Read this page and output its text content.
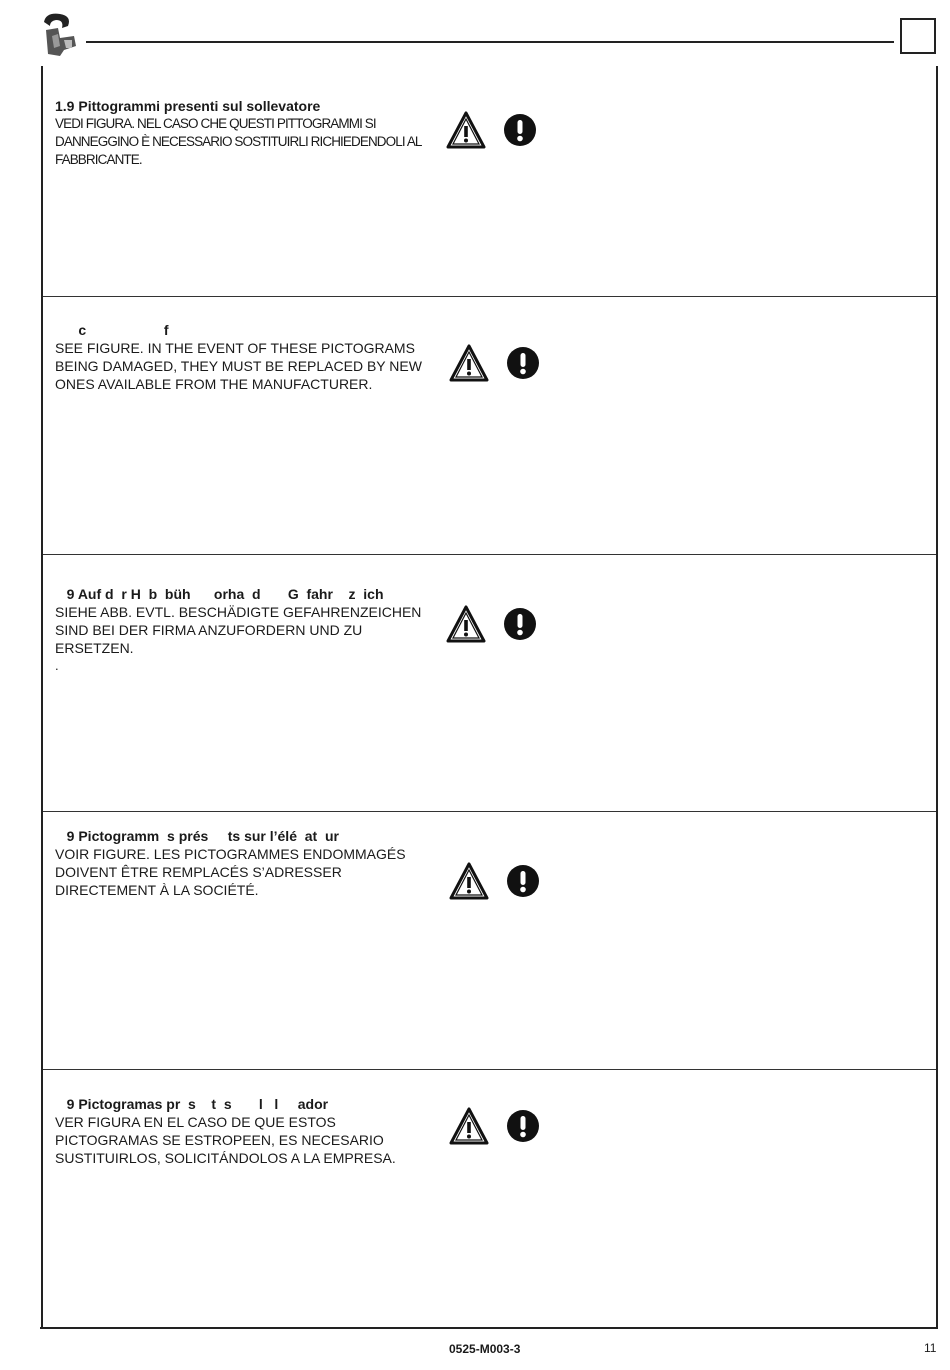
1.9 Pittogrammi presenti sul sollevatore
VEDI FIGURA. NEL CASO CHE QUESTI PITTOGRAMMI SI DANNEGGINO È NECESSARIO SOSTITUIRLI RICHIEDENDOLI AL FABBRICANTE.
c                    f
SEE FIGURE. IN THE EVENT OF THESE PICTOGRAMS BEING DAMAGED, THEY MUST BE REPLACED BY NEW ONES AVAILABLE FROM THE MANUFACTURER.
9 Auf d  r H  b  büh      orha  d       G  fahr    z  ich
SIEHE ABB. EVTL. BESCHÄDIGTE GEFAHRENZEICHEN SIND BEI DER FIRMA ANZUFORDERN UND ZU ERSETZEN.
.
9 Pictogramm  s prés     ts sur l’élé  at  ur
VOIR FIGURE. LES PICTOGRAMMES ENDOMMAGÉS DOIVENT ÊTRE REMPLACÉS S’ADRESSER DIRECTEMENT À LA SOCIÉTÉ.
9 Pictogramas pr  s    t  s       l   l     ador
VER FIGURA EN EL CASO DE QUE ESTOS PICTOGRAMAS SE ESTROPEEN, ES NECESARIO SUSTITUIRLOS, SOLICITÁNDOLOS A LA EMPRESA.
0525-M003-3	11
